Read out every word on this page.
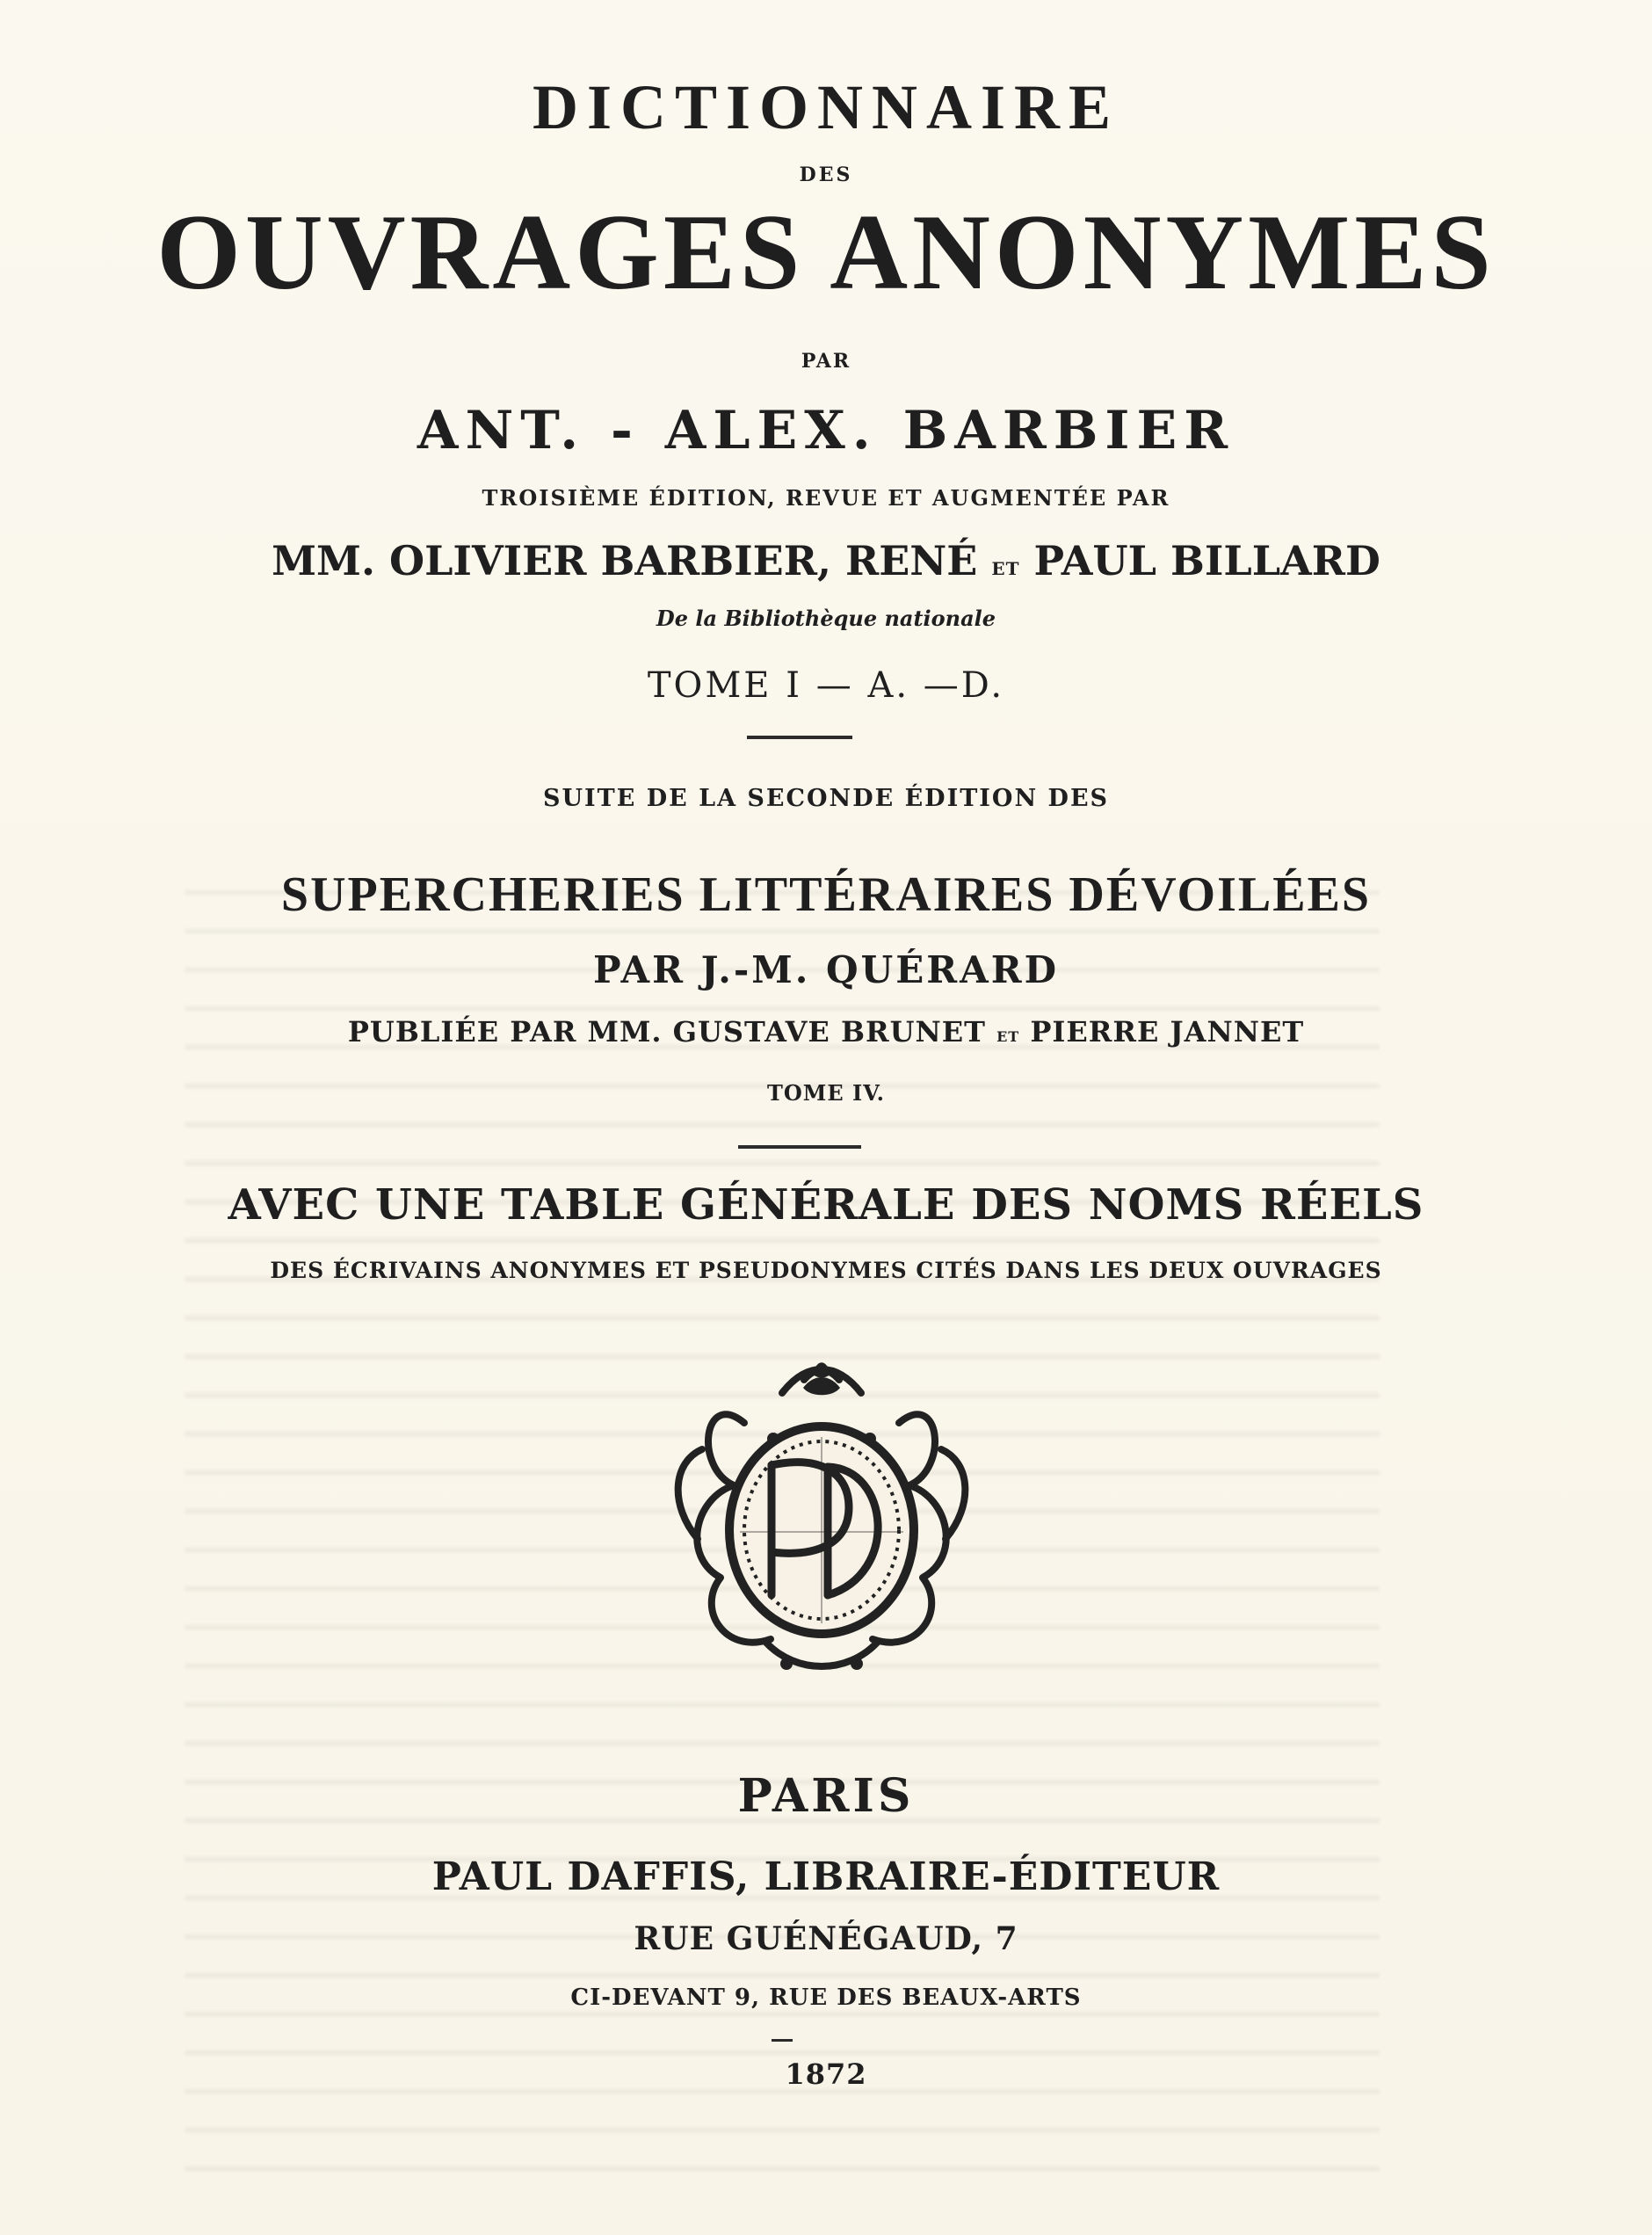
DICTIONNAIRE
DES
OUVRAGES ANONYMES
PAR
ANT. - ALEX. BARBIER
TROISIÈME ÉDITION, REVUE ET AUGMENTÉE PAR
MM. OLIVIER BARBIER, RENÉ ET PAUL BILLARD
De la Bibliothèque nationale
TOME I — A. —D.
SUITE DE LA SECONDE ÉDITION DES
SUPERCHERIES LITTÉRAIRES DÉVOILÉES
PAR J.-M. QUÉRARD
PUBLIÉE PAR MM. GUSTAVE BRUNET ET PIERRE JANNET
TOME IV.
AVEC UNE TABLE GÉNÉRALE DES NOMS RÉELS
DES ÉCRIVAINS ANONYMES ET PSEUDONYMES CITÉS DANS LES DEUX OUVRAGES
PARIS
PAUL DAFFIS, LIBRAIRE-ÉDITEUR
RUE GUÉNÉGAUD, 7
CI-DEVANT 9, RUE DES BEAUX-ARTS
1872
